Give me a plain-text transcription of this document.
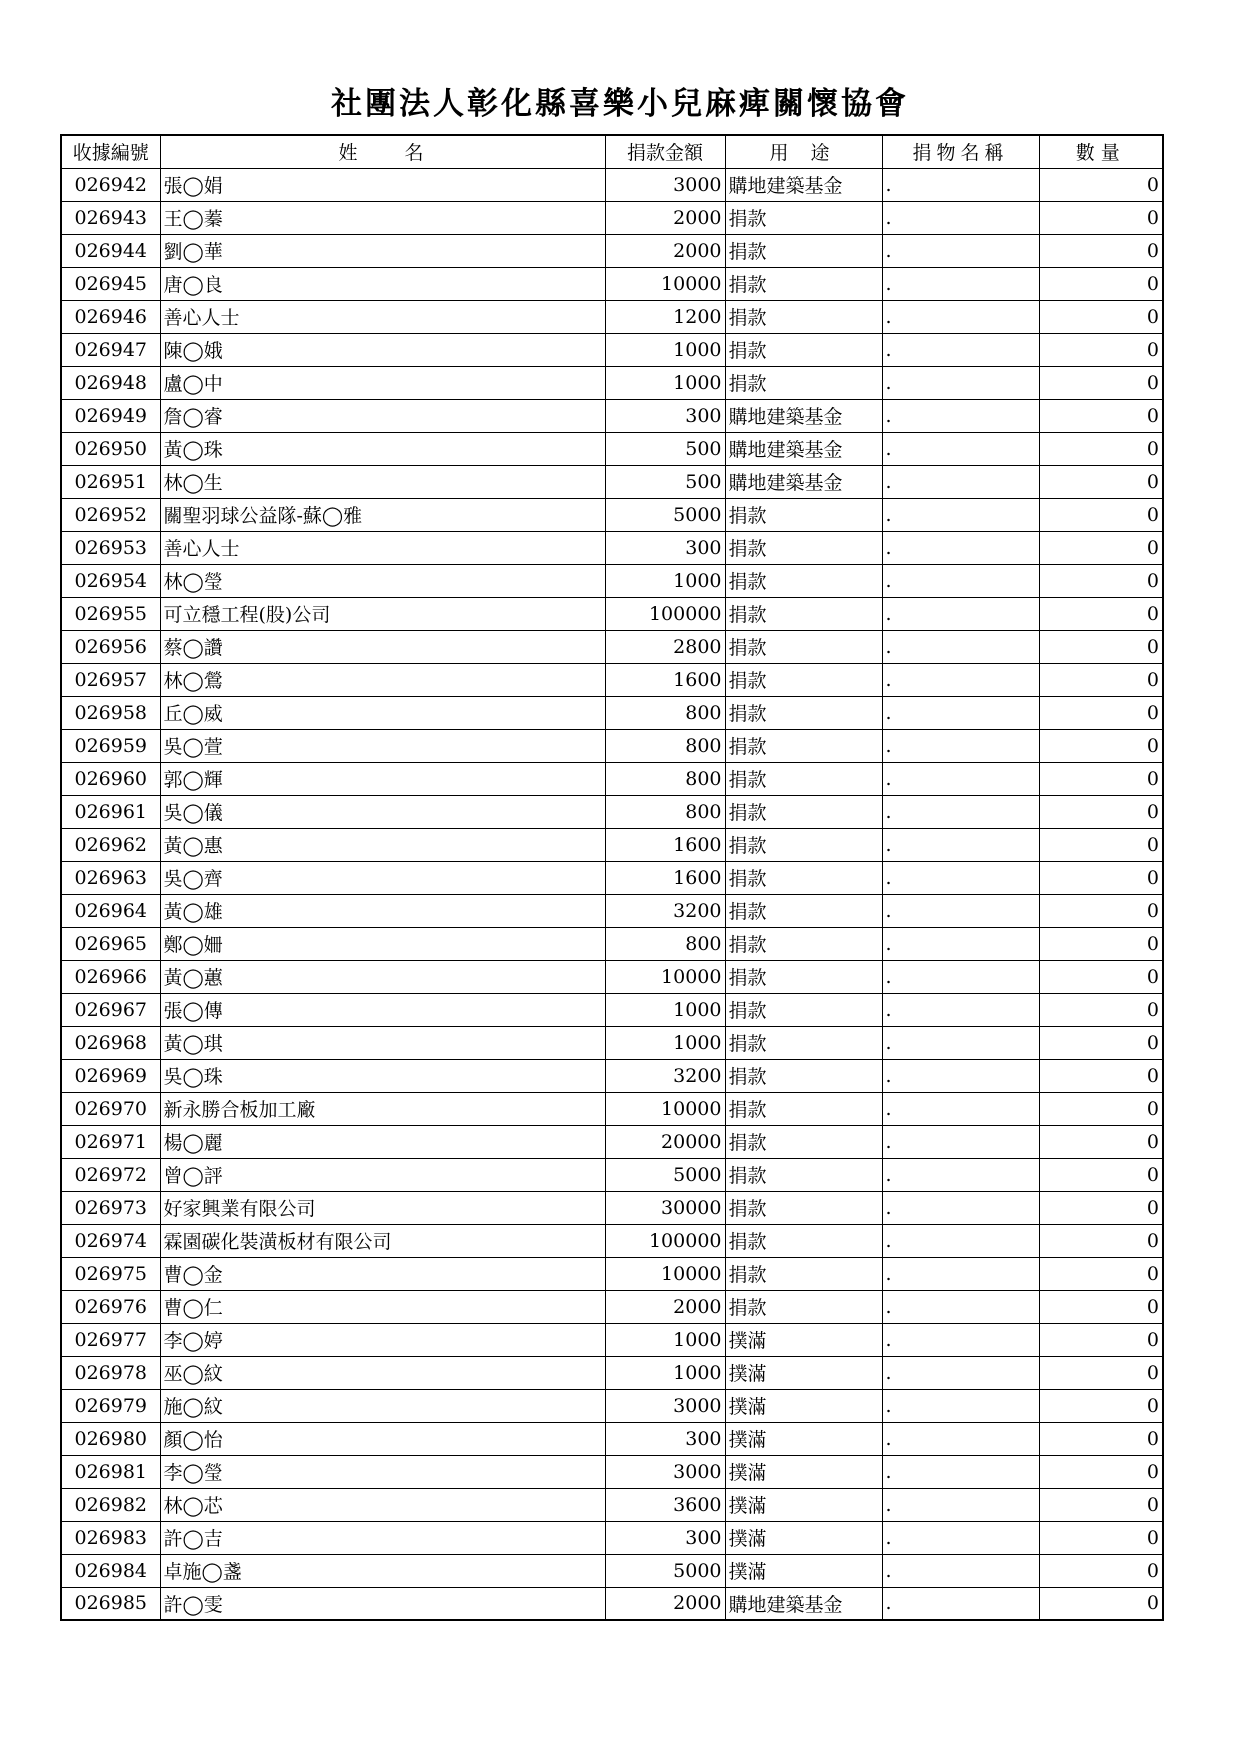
社團法人彰化縣喜樂小兒麻痺關懷協會
收據編號	姓　　名	捐款金額	用 途	捐物名稱	數量
026942	張◯娟	3000	購地建築基金	.	0
026943	王◯蓁	2000	捐款	.	0
026944	劉◯華	2000	捐款	.	0
026945	唐◯良	10000	捐款	.	0
026946	善心人士	1200	捐款	.	0
026947	陳◯娥	1000	捐款	.	0
026948	盧◯中	1000	捐款	.	0
026949	詹◯睿	300	購地建築基金	.	0
026950	黃◯珠	500	購地建築基金	.	0
026951	林◯生	500	購地建築基金	.	0
026952	關聖羽球公益隊-蘇◯雅	5000	捐款	.	0
026953	善心人士	300	捐款	.	0
026954	林◯瑩	1000	捐款	.	0
026955	可立穩工程(股)公司	100000	捐款	.	0
026956	蔡◯讚	2800	捐款	.	0
026957	林◯鶯	1600	捐款	.	0
026958	丘◯威	800	捐款	.	0
026959	吳◯萱	800	捐款	.	0
026960	郭◯輝	800	捐款	.	0
026961	吳◯儀	800	捐款	.	0
026962	黃◯惠	1600	捐款	.	0
026963	吳◯齊	1600	捐款	.	0
026964	黃◯雄	3200	捐款	.	0
026965	鄭◯姍	800	捐款	.	0
026966	黃◯蕙	10000	捐款	.	0
026967	張◯傳	1000	捐款	.	0
026968	黃◯琪	1000	捐款	.	0
026969	吳◯珠	3200	捐款	.	0
026970	新永勝合板加工廠	10000	捐款	.	0
026971	楊◯麗	20000	捐款	.	0
026972	曾◯評	5000	捐款	.	0
026973	好家興業有限公司	30000	捐款	.	0
026974	霖園碳化裝潢板材有限公司	100000	捐款	.	0
026975	曹◯金	10000	捐款	.	0
026976	曹◯仁	2000	捐款	.	0
026977	李◯婷	1000	撲滿	.	0
026978	巫◯紋	1000	撲滿	.	0
026979	施◯紋	3000	撲滿	.	0
026980	顏◯怡	300	撲滿	.	0
026981	李◯瑩	3000	撲滿	.	0
026982	林◯芯	3600	撲滿	.	0
026983	許◯吉	300	撲滿	.	0
026984	卓施◯盞	5000	撲滿	.	0
026985	許◯雯	2000	購地建築基金	.	0
